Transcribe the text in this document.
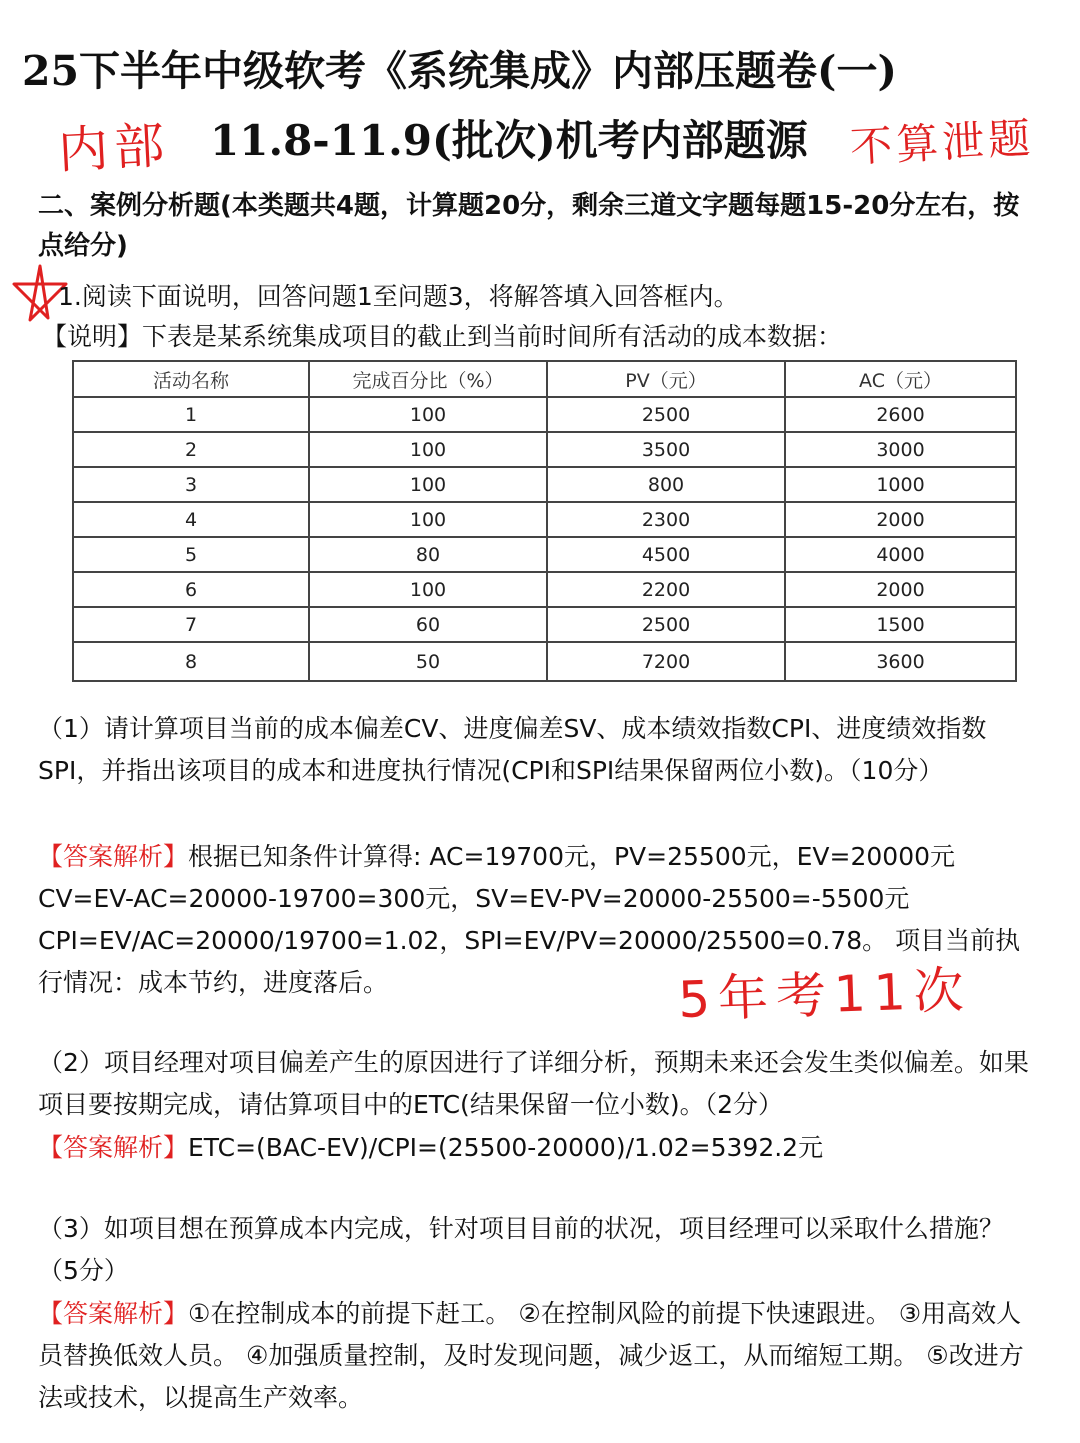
25下半年中级软考《系统集成》内部压题卷(一)
内部 11.8-11.9(批次)机考内部题源 不算泄题
二、案例分析题(本类题共4题，计算题20分，剩余三道文字题每题15-20分左右，按点给分)
1.阅读下面说明，回答问题1至问题3，将解答填入回答框内。
【说明】下表是某系统集成项目的截止到当前时间所有活动的成本数据：
活动名称	完成百分比（%）	PV（元）	AC（元）
1	100	2500	2600
2	100	3500	3000
3	100	800	1000
4	100	2300	2000
5	80	4500	4000
6	100	2200	2000
7	60	2500	1500
8	50	7200	3600
（1）请计算项目当前的成本偏差CV、进度偏差SV、成本绩效指数CPI、进度绩效指数SPI，并指出该项目的成本和进度执行情况(CPI和SPI结果保留两位小数)。（10分）
【答案解析】根据已知条件计算得: AC=19700元，PV=25500元，EV=20000元 CV=EV-AC=20000-19700=300元，SV=EV-PV=20000-25500=-5500元 CPI=EV/AC=20000/19700=1.02，SPI=EV/PV=20000/25500=0.78。 项目当前执行情况：成本节约，进度落后。	5年考11次
（2）项目经理对项目偏差产生的原因进行了详细分析，预期未来还会发生类似偏差。如果项目要按期完成，请估算项目中的ETC(结果保留一位小数)。（2分）
【答案解析】ETC=(BAC-EV)/CPI=(25500-20000)/1.02=5392.2元
（3）如项目想在预算成本内完成，针对项目目前的状况，项目经理可以采取什么措施？（5分）
【答案解析】①在控制成本的前提下赶工。 ②在控制风险的前提下快速跟进。 ③用高效人员替换低效人员。 ④加强质量控制，及时发现问题，减少返工，从而缩短工期。 ⑤改进方法或技术，以提高生产效率。
